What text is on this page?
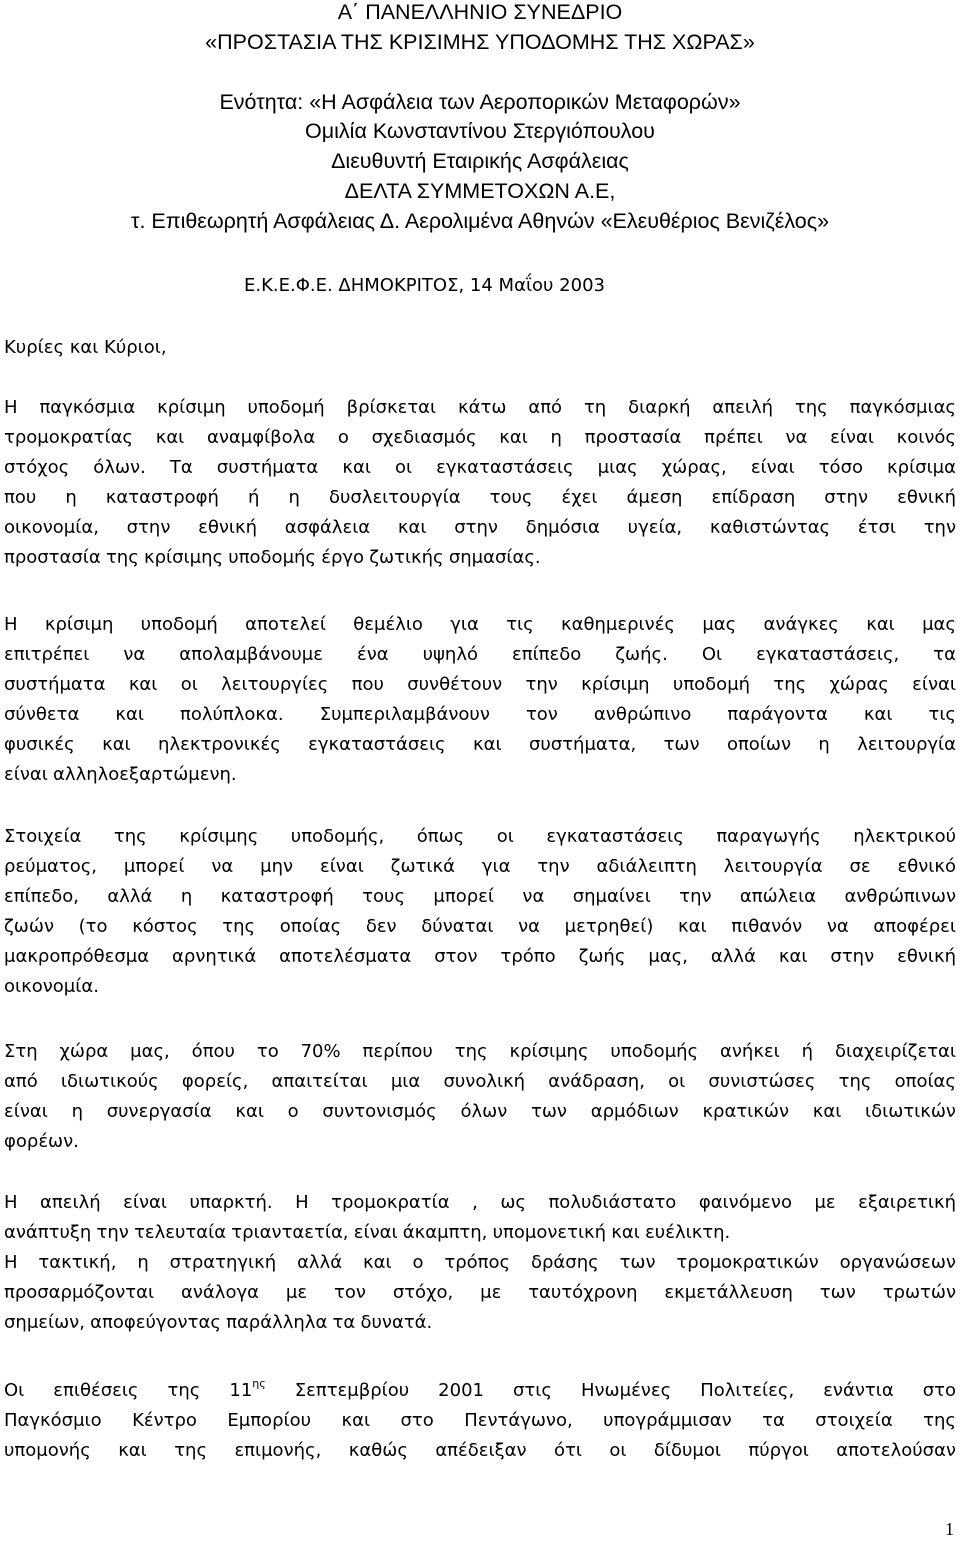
Α΄ ΠΑΝΕΛΛΗΝΙΟ ΣΥΝΕΔΡΙΟ
«ΠΡΟΣΤΑΣΙΑ ΤΗΣ ΚΡΙΣΙΜΗΣ ΥΠΟΔΟΜΗΣ ΤΗΣ ΧΩΡΑΣ»
Ενότητα: «Η Ασφάλεια των Αεροπορικών Μεταφορών»
Ομιλία Κωνσταντίνου Στεργιόπουλου
Διευθυντή Εταιρικής Ασφάλειας
ΔΕΛΤΑ ΣΥΜΜΕΤΟΧΩΝ Α.Ε,
τ. Επιθεωρητή Ασφάλειας Δ. Αερολιμένα Αθηνών «Ελευθέριος Βενιζέλος»
Ε.Κ.Ε.Φ.Ε. ΔΗΜΟΚΡΙΤΟΣ, 14 Μαΐου 2003
Κυρίες και Κύριοι,
Η παγκόσμια κρίσιμη υποδομή βρίσκεται κάτω από τη διαρκή απειλή της παγκόσμιας
τρομοκρατίας και αναμφίβολα ο σχεδιασμός και η προστασία πρέπει να είναι κοινός
στόχος όλων. Τα συστήματα και οι εγκαταστάσεις μιας χώρας, είναι τόσο κρίσιμα
που η καταστροφή ή η δυσλειτουργία τους έχει άμεση επίδραση στην εθνική
οικονομία, στην εθνική ασφάλεια και στην δημόσια υγεία, καθιστώντας έτσι την
προστασία της κρίσιμης υποδομής έργο ζωτικής σημασίας.
Η κρίσιμη υποδομή αποτελεί θεμέλιο για τις καθημερινές μας ανάγκες και μας
επιτρέπει να απολαμβάνουμε ένα υψηλό επίπεδο ζωής. Οι εγκαταστάσεις, τα
συστήματα και οι λειτουργίες που συνθέτουν την κρίσιμη υποδομή της χώρας είναι
σύνθετα και πολύπλοκα. Συμπεριλαμβάνουν τον ανθρώπινο παράγοντα και τις
φυσικές και ηλεκτρονικές εγκαταστάσεις και συστήματα, των οποίων η λειτουργία
είναι αλληλοεξαρτώμενη.
Στοιχεία της κρίσιμης υποδομής, όπως οι εγκαταστάσεις παραγωγής ηλεκτρικού
ρεύματος, μπορεί να μην είναι ζωτικά για την αδιάλειπτη λειτουργία σε εθνικό
επίπεδο, αλλά η καταστροφή τους μπορεί να σημαίνει την απώλεια ανθρώπινων
ζωών (το κόστος της οποίας δεν δύναται να μετρηθεί) και πιθανόν να αποφέρει
μακροπρόθεσμα αρνητικά αποτελέσματα στον τρόπο ζωής μας, αλλά και στην εθνική
οικονομία.
Στη χώρα μας, όπου το 70% περίπου της κρίσιμης υποδομής ανήκει ή διαχειρίζεται
από ιδιωτικούς φορείς, απαιτείται μια συνολική ανάδραση, οι συνιστώσες της οποίας
είναι η συνεργασία και ο συντονισμός όλων των αρμόδιων κρατικών και ιδιωτικών
φορέων.
Η απειλή είναι υπαρκτή. Η τρομοκρατία , ως πολυδιάστατο φαινόμενο με εξαιρετική
ανάπτυξη την τελευταία τριανταετία, είναι άκαμπτη, υπομονετική και ευέλικτη.
Η τακτική, η στρατηγική αλλά και ο τρόπος δράσης των τρομοκρατικών οργανώσεων
προσαρμόζονται ανάλογα με τον στόχο, με ταυτόχρονη εκμετάλλευση των τρωτών
σημείων, αποφεύγοντας παράλληλα τα δυνατά.
Οι επιθέσεις της $11^{\eta\varsigma}$ Σεπτεμβρίου 2001 στις Ηνωμένες Πολιτείες, ενάντια στο
Παγκόσμιο Κέντρο Εμπορίου και στο Πεντάγωνο, υπογράμμισαν τα στοιχεία της
υπομονής και της επιμονής, καθώς απέδειξαν ότι οι δίδυμοι πύργοι αποτελούσαν
1
